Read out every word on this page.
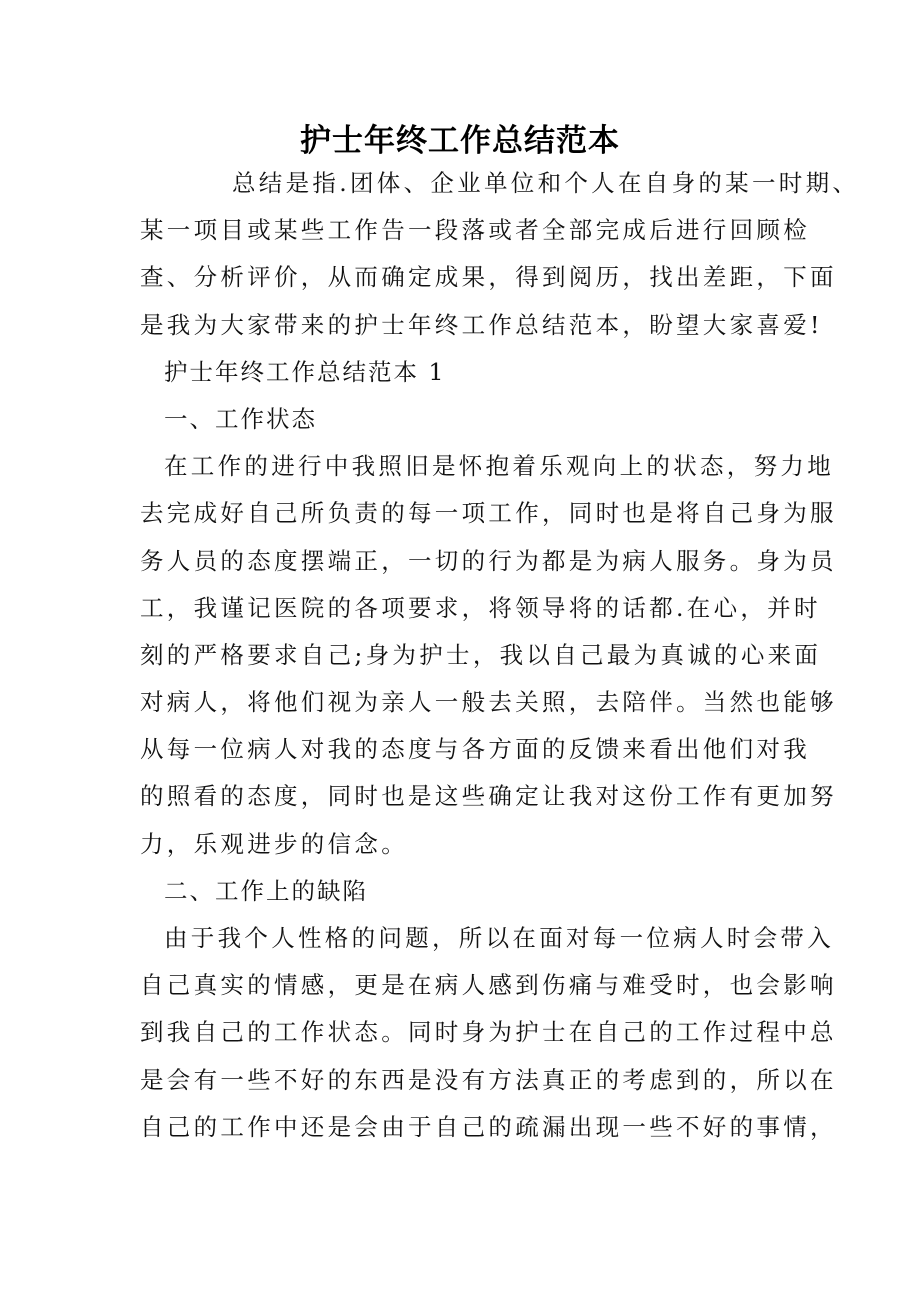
护士年终工作总结范本
总结是指.团体、企业单位和个人在自身的某一时期、
某一项目或某些工作告一段落或者全部完成后进行回顾检
查、分析评价，从而确定成果，得到阅历，找出差距，下面
是我为大家带来的护士年终工作总结范本，盼望大家喜爱!
护士年终工作总结范本 1
一、工作状态
在工作的进行中我照旧是怀抱着乐观向上的状态，努力地
去完成好自己所负责的每一项工作，同时也是将自己身为服
务人员的态度摆端正，一切的行为都是为病人服务。身为员
工，我谨记医院的各项要求，将领导将的话都.在心，并时
刻的严格要求自己;身为护士，我以自己最为真诚的心来面
对病人，将他们视为亲人一般去关照，去陪伴。当然也能够
从每一位病人对我的态度与各方面的反馈来看出他们对我
的照看的态度，同时也是这些确定让我对这份工作有更加努
力，乐观进步的信念。
二、工作上的缺陷
由于我个人性格的问题，所以在面对每一位病人时会带入
自己真实的情感，更是在病人感到伤痛与难受时，也会影响
到我自己的工作状态。同时身为护士在自己的工作过程中总
是会有一些不好的东西是没有方法真正的考虑到的，所以在
自己的工作中还是会由于自己的疏漏出现一些不好的事情，
